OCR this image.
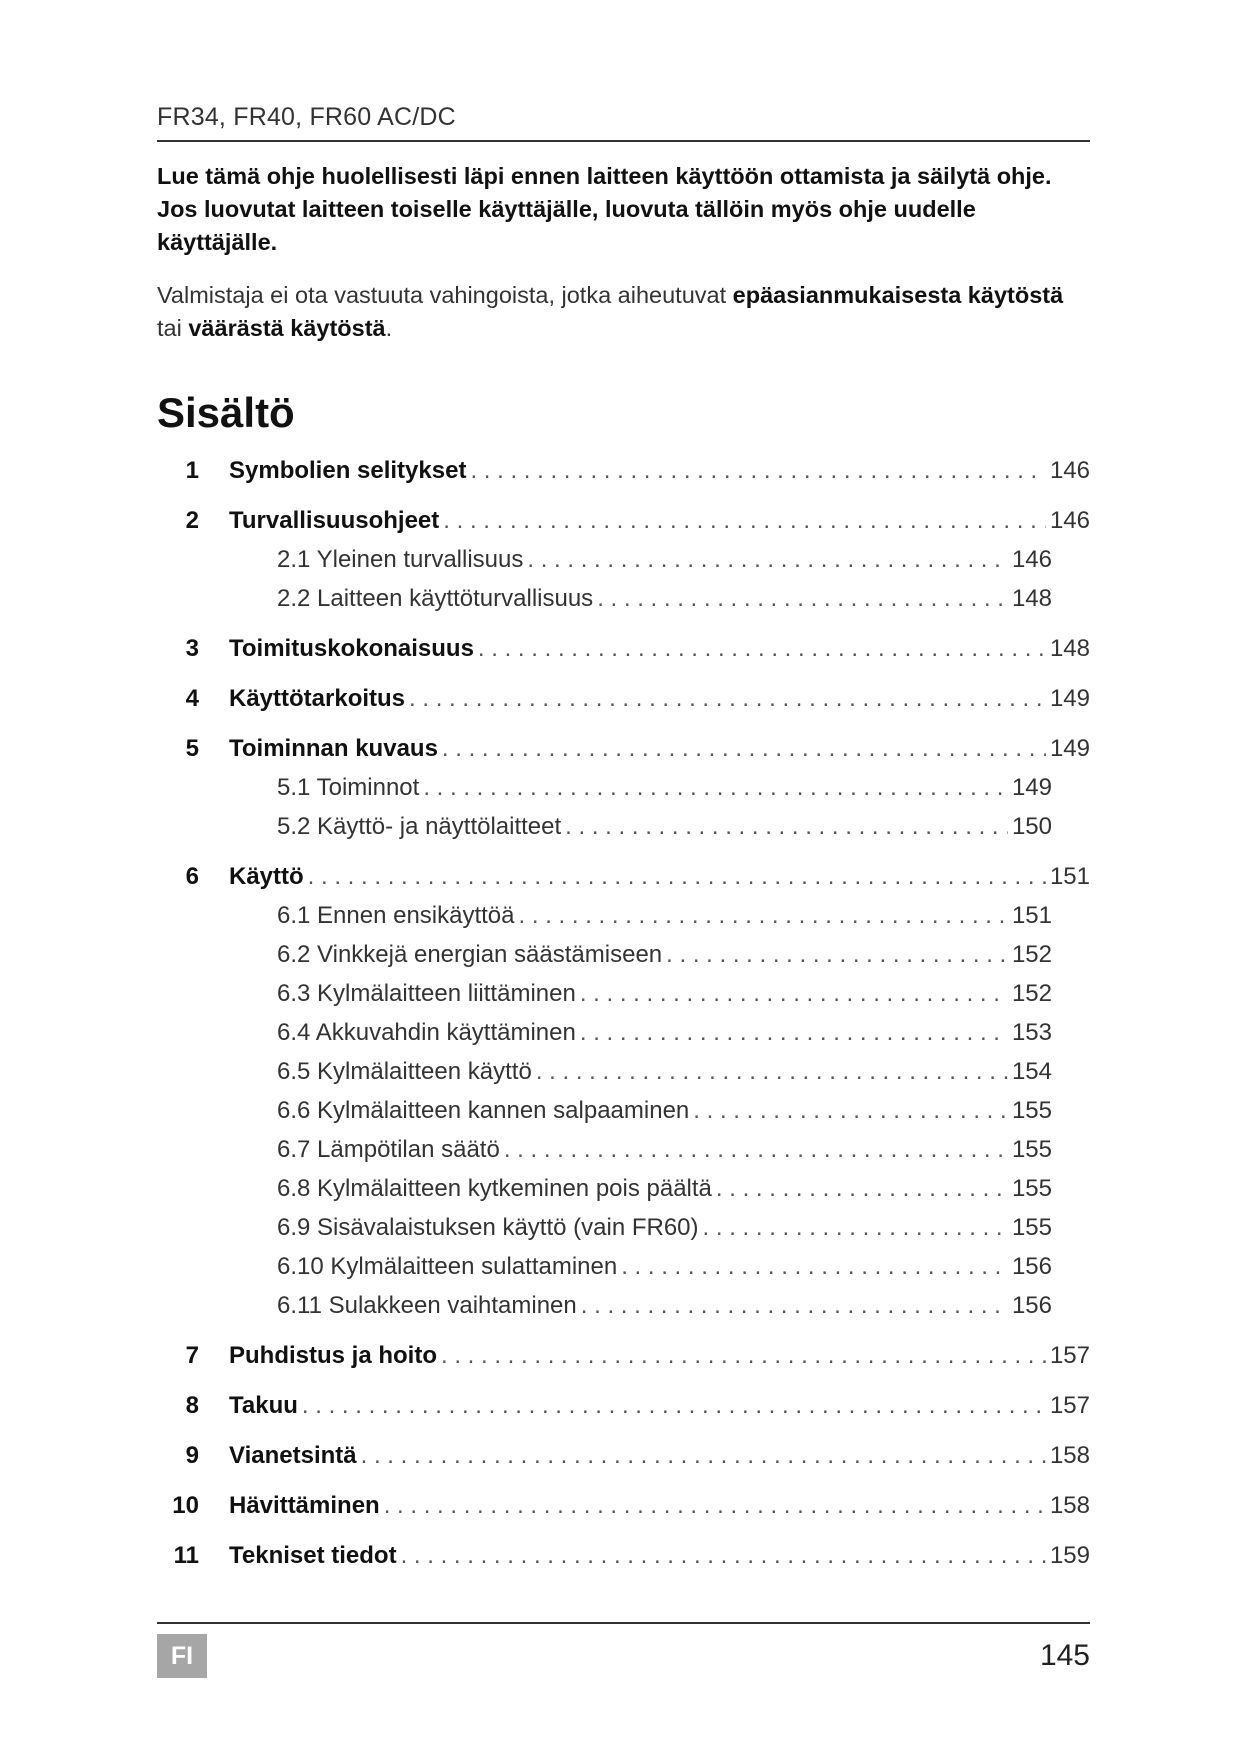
FR34, FR40, FR60 AC/DC
Lue tämä ohje huolellisesti läpi ennen laitteen käyttöön ottamista ja säilytä ohje. Jos luovutat laitteen toiselle käyttäjälle, luovuta tällöin myös ohje uudelle käyttäjälle.
Valmistaja ei ota vastuuta vahingoista, jotka aiheutuvat epäasianmukaisesta käytöstä tai väärästä käytöstä.
Sisältö
1 Symbolien selitykset . . .	146
2 Turvallisuusohjeet . . .	146
2.1 Yleinen turvallisuus . . .	146
2.2 Laitteen käyttöturvallisuus . . .	148
3 Toimituskokonaisuus . . .	148
4 Käyttötarkoitus . . .	149
5 Toiminnan kuvaus . . .	149
5.1 Toiminnot . . .	149
5.2 Käyttö- ja näyttölaitteet . . .	150
6 Käyttö . . .	151
6.1 Ennen ensikäyttöä . . .	151
6.2 Vinkkejä energian säästämiseen . . .	152
6.3 Kylmälaitteen liittäminen . . .	152
6.4 Akkuvahdin käyttäminen . . .	153
6.5 Kylmälaitteen käyttö . . .	154
6.6 Kylmälaitteen kannen salpaaminen . . .	155
6.7 Lämpötilan säätö . . .	155
6.8 Kylmälaitteen kytkeminen pois päältä . . .	155
6.9 Sisävalaistuksen käyttö (vain FR60) . . .	155
6.10 Kylmälaitteen sulattaminen . . .	156
6.11 Sulakkeen vaihtaminen . . .	156
7 Puhdistus ja hoito . . .	157
8 Takuu . . .	157
9 Vianetsintä . . .	158
10 Hävittäminen . . .	158
11 Tekniset tiedot . . .	159
FI	145
